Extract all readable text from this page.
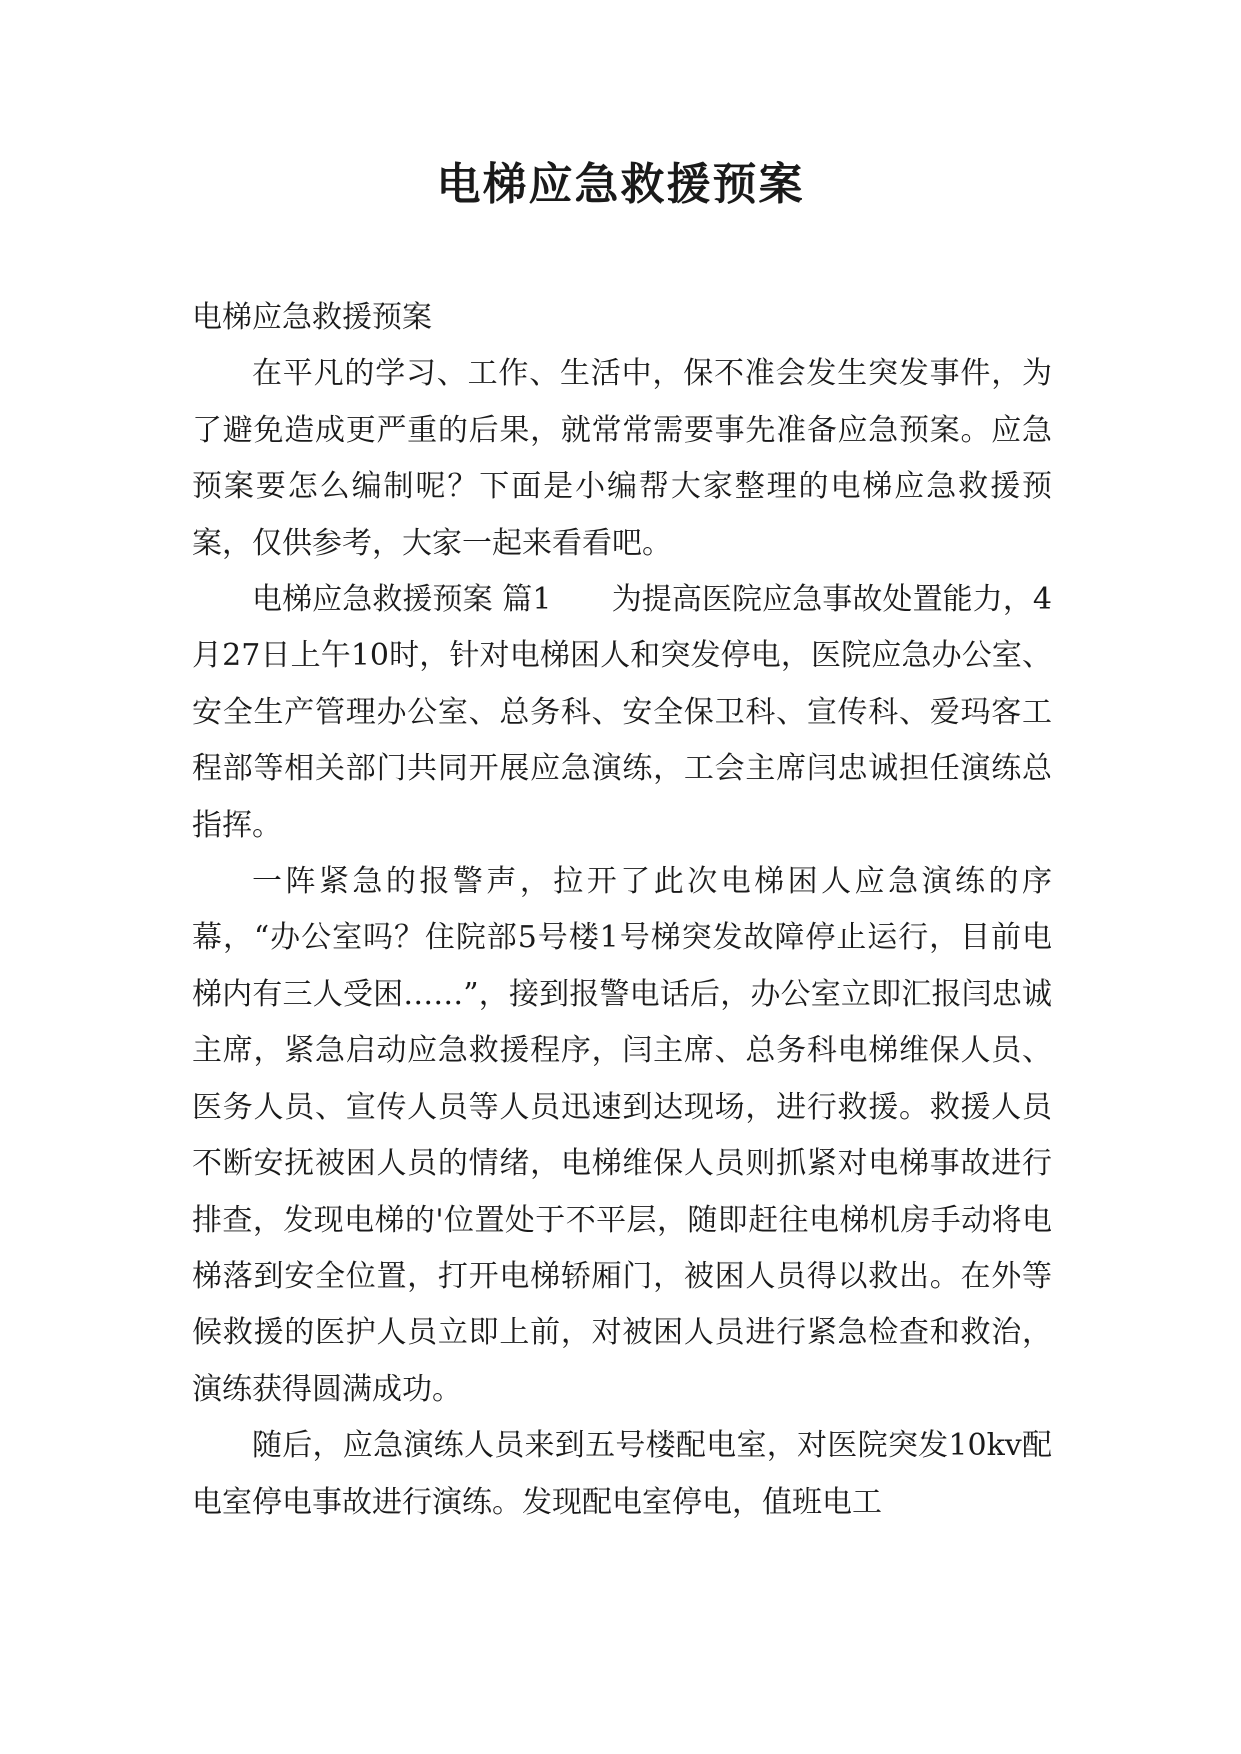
电梯应急救援预案

电梯应急救援预案

在平凡的学习、工作、生活中，保不准会发生突发事件，为了避免造成更严重的后果，就常常需要事先准备应急预案。应急预案要怎么编制呢？下面是小编帮大家整理的电梯应急救援预案，仅供参考，大家一起来看看吧。

电梯应急救援预案 篇1　　为提高医院应急事故处置能力，4月27日上午10时，针对电梯困人和突发停电，医院应急办公室、安全生产管理办公室、总务科、安全保卫科、宣传科、爱玛客工程部等相关部门共同开展应急演练，工会主席闫忠诚担任演练总指挥。

一阵紧急的报警声，拉开了此次电梯困人应急演练的序幕，“办公室吗？住院部5号楼1号梯突发故障停止运行，目前电梯内有三人受困……”，接到报警电话后，办公室立即汇报闫忠诚主席，紧急启动应急救援程序，闫主席、总务科电梯维保人员、医务人员、宣传人员等人员迅速到达现场，进行救援。救援人员不断安抚被困人员的情绪，电梯维保人员则抓紧对电梯事故进行排查，发现电梯的'位置处于不平层，随即赶往电梯机房手动将电梯落到安全位置，打开电梯轿厢门，被困人员得以救出。在外等候救援的医护人员立即上前，对被困人员进行紧急检查和救治，演练获得圆满成功。

随后，应急演练人员来到五号楼配电室，对医院突发10kv配电室停电事故进行演练。发现配电室停电，值班电工
